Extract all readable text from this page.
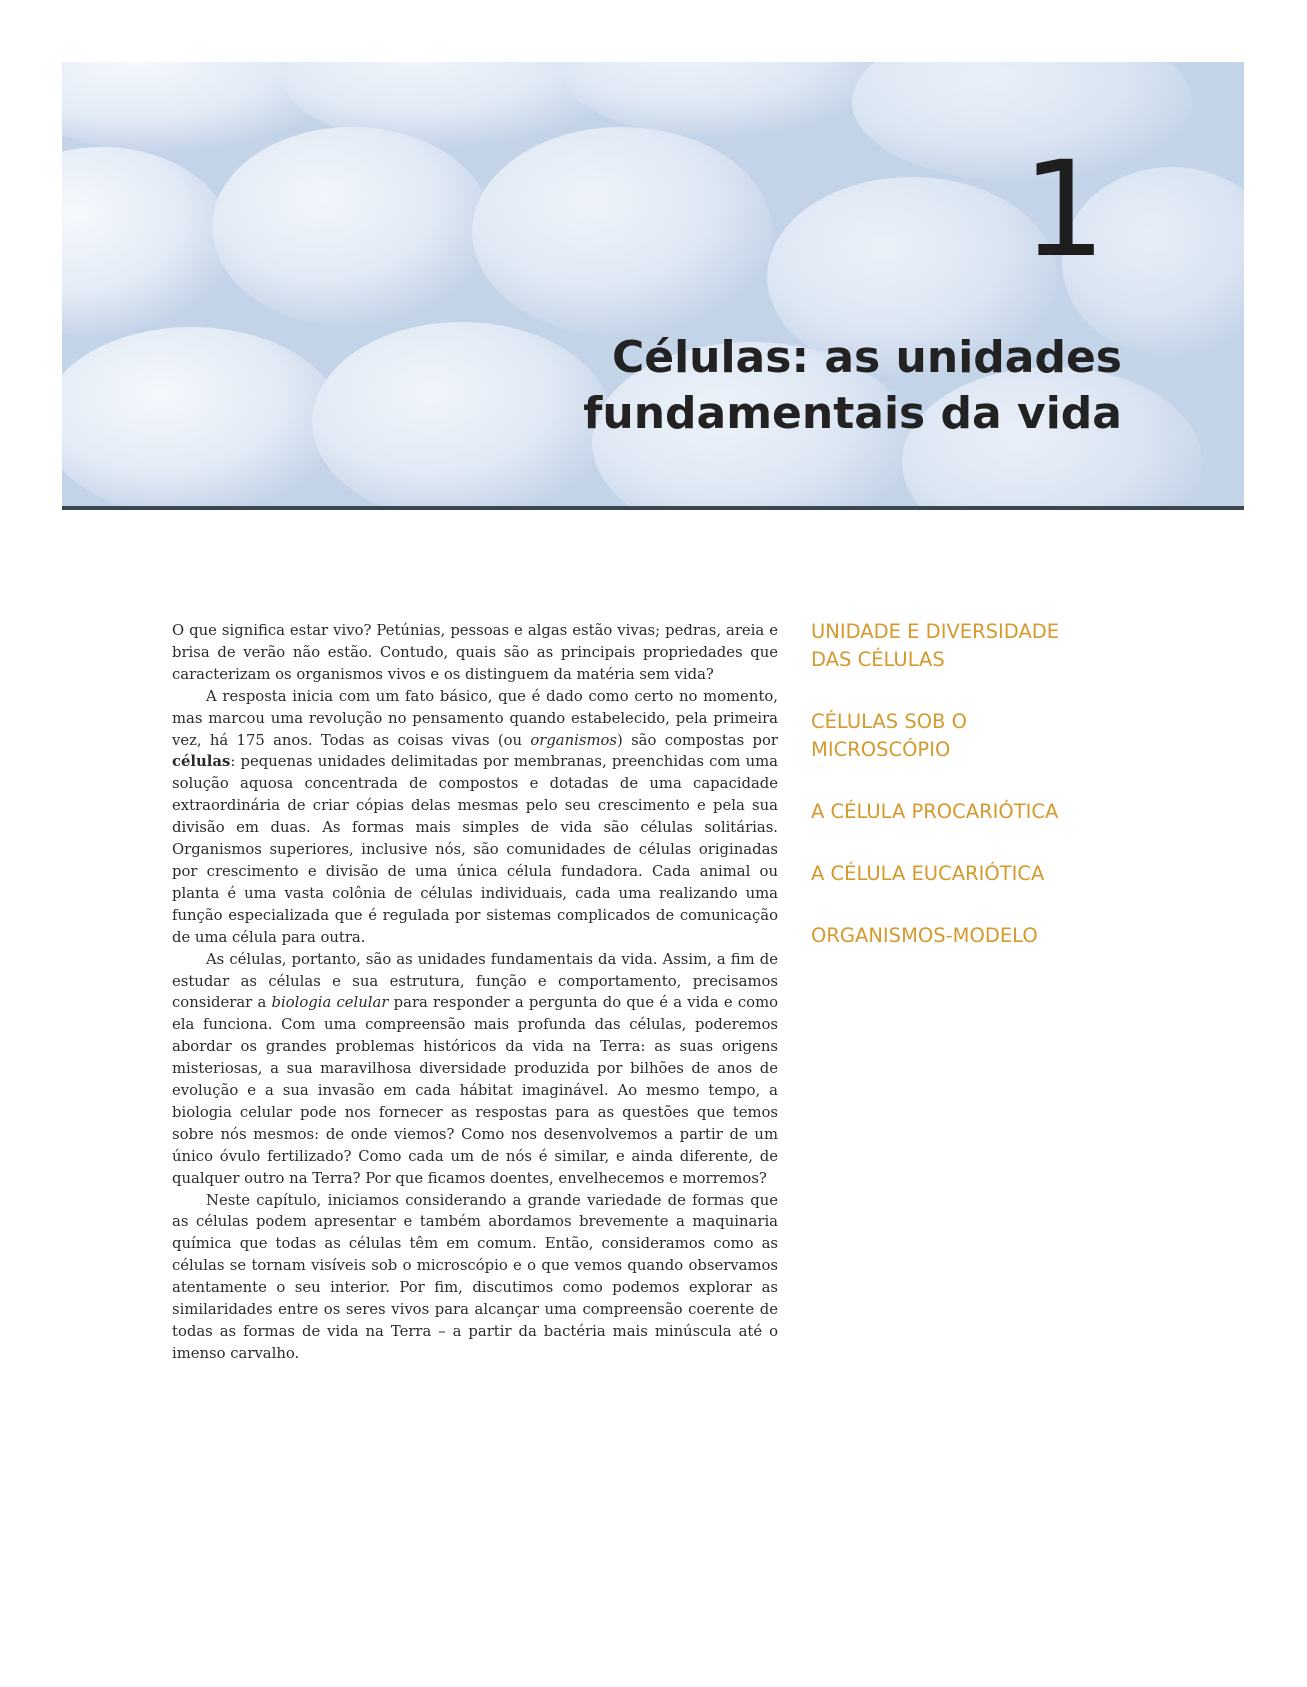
1
Células: as unidades
fundamentais da vida

O que significa estar vivo? Petúnias, pessoas e algas estão vivas; pedras, areia e brisa de verão não estão. Contudo, quais são as principais propriedades que caracterizam os organismos vivos e os distinguem da matéria sem vida?

A resposta inicia com um fato básico, que é dado como certo no momento, mas marcou uma revolução no pensamento quando estabelecido, pela primeira vez, há 175 anos. Todas as coisas vivas (ou organismos) são compostas por células: pequenas unidades delimitadas por membranas, preenchidas com uma solução aquosa concentrada de compostos e dotadas de uma capacidade extraordinária de criar cópias delas mesmas pelo seu crescimento e pela sua divisão em duas. As formas mais simples de vida são células solitárias. Organismos superiores, inclusive nós, são comunidades de células originadas por crescimento e divisão de uma única célula fundadora. Cada animal ou planta é uma vasta colônia de células individuais, cada uma realizando uma função especializada que é regulada por sistemas complicados de comunicação de uma célula para outra.

As células, portanto, são as unidades fundamentais da vida. Assim, a fim de estudar as células e sua estrutura, função e comportamento, precisamos considerar a biologia celular para responder a pergunta do que é a vida e como ela funciona. Com uma compreensão mais profunda das células, poderemos abordar os grandes problemas históricos da vida na Terra: as suas origens misteriosas, a sua maravilhosa diversidade produzida por bilhões de anos de evolução e a sua invasão em cada hábitat imaginável. Ao mesmo tempo, a biologia celular pode nos fornecer as respostas para as questões que temos sobre nós mesmos: de onde viemos? Como nos desenvolvemos a partir de um único óvulo fertilizado? Como cada um de nós é similar, e ainda diferente, de qualquer outro na Terra? Por que ficamos doentes, envelhecemos e morremos?

Neste capítulo, iniciamos considerando a grande variedade de formas que as células podem apresentar e também abordamos brevemente a maquinaria química que todas as células têm em comum. Então, consideramos como as células se tornam visíveis sob o microscópio e o que vemos quando observamos atentamente o seu interior. Por fim, discutimos como podemos explorar as similaridades entre os seres vivos para alcançar uma compreensão coerente de todas as formas de vida na Terra – a partir da bactéria mais minúscula até o imenso carvalho.

UNIDADE E DIVERSIDADE
DAS CÉLULAS
CÉLULAS SOB O
MICROSCÓPIO
A CÉLULA PROCARIÓTICA
A CÉLULA EUCARIÓTICA
ORGANISMOS-MODELO
